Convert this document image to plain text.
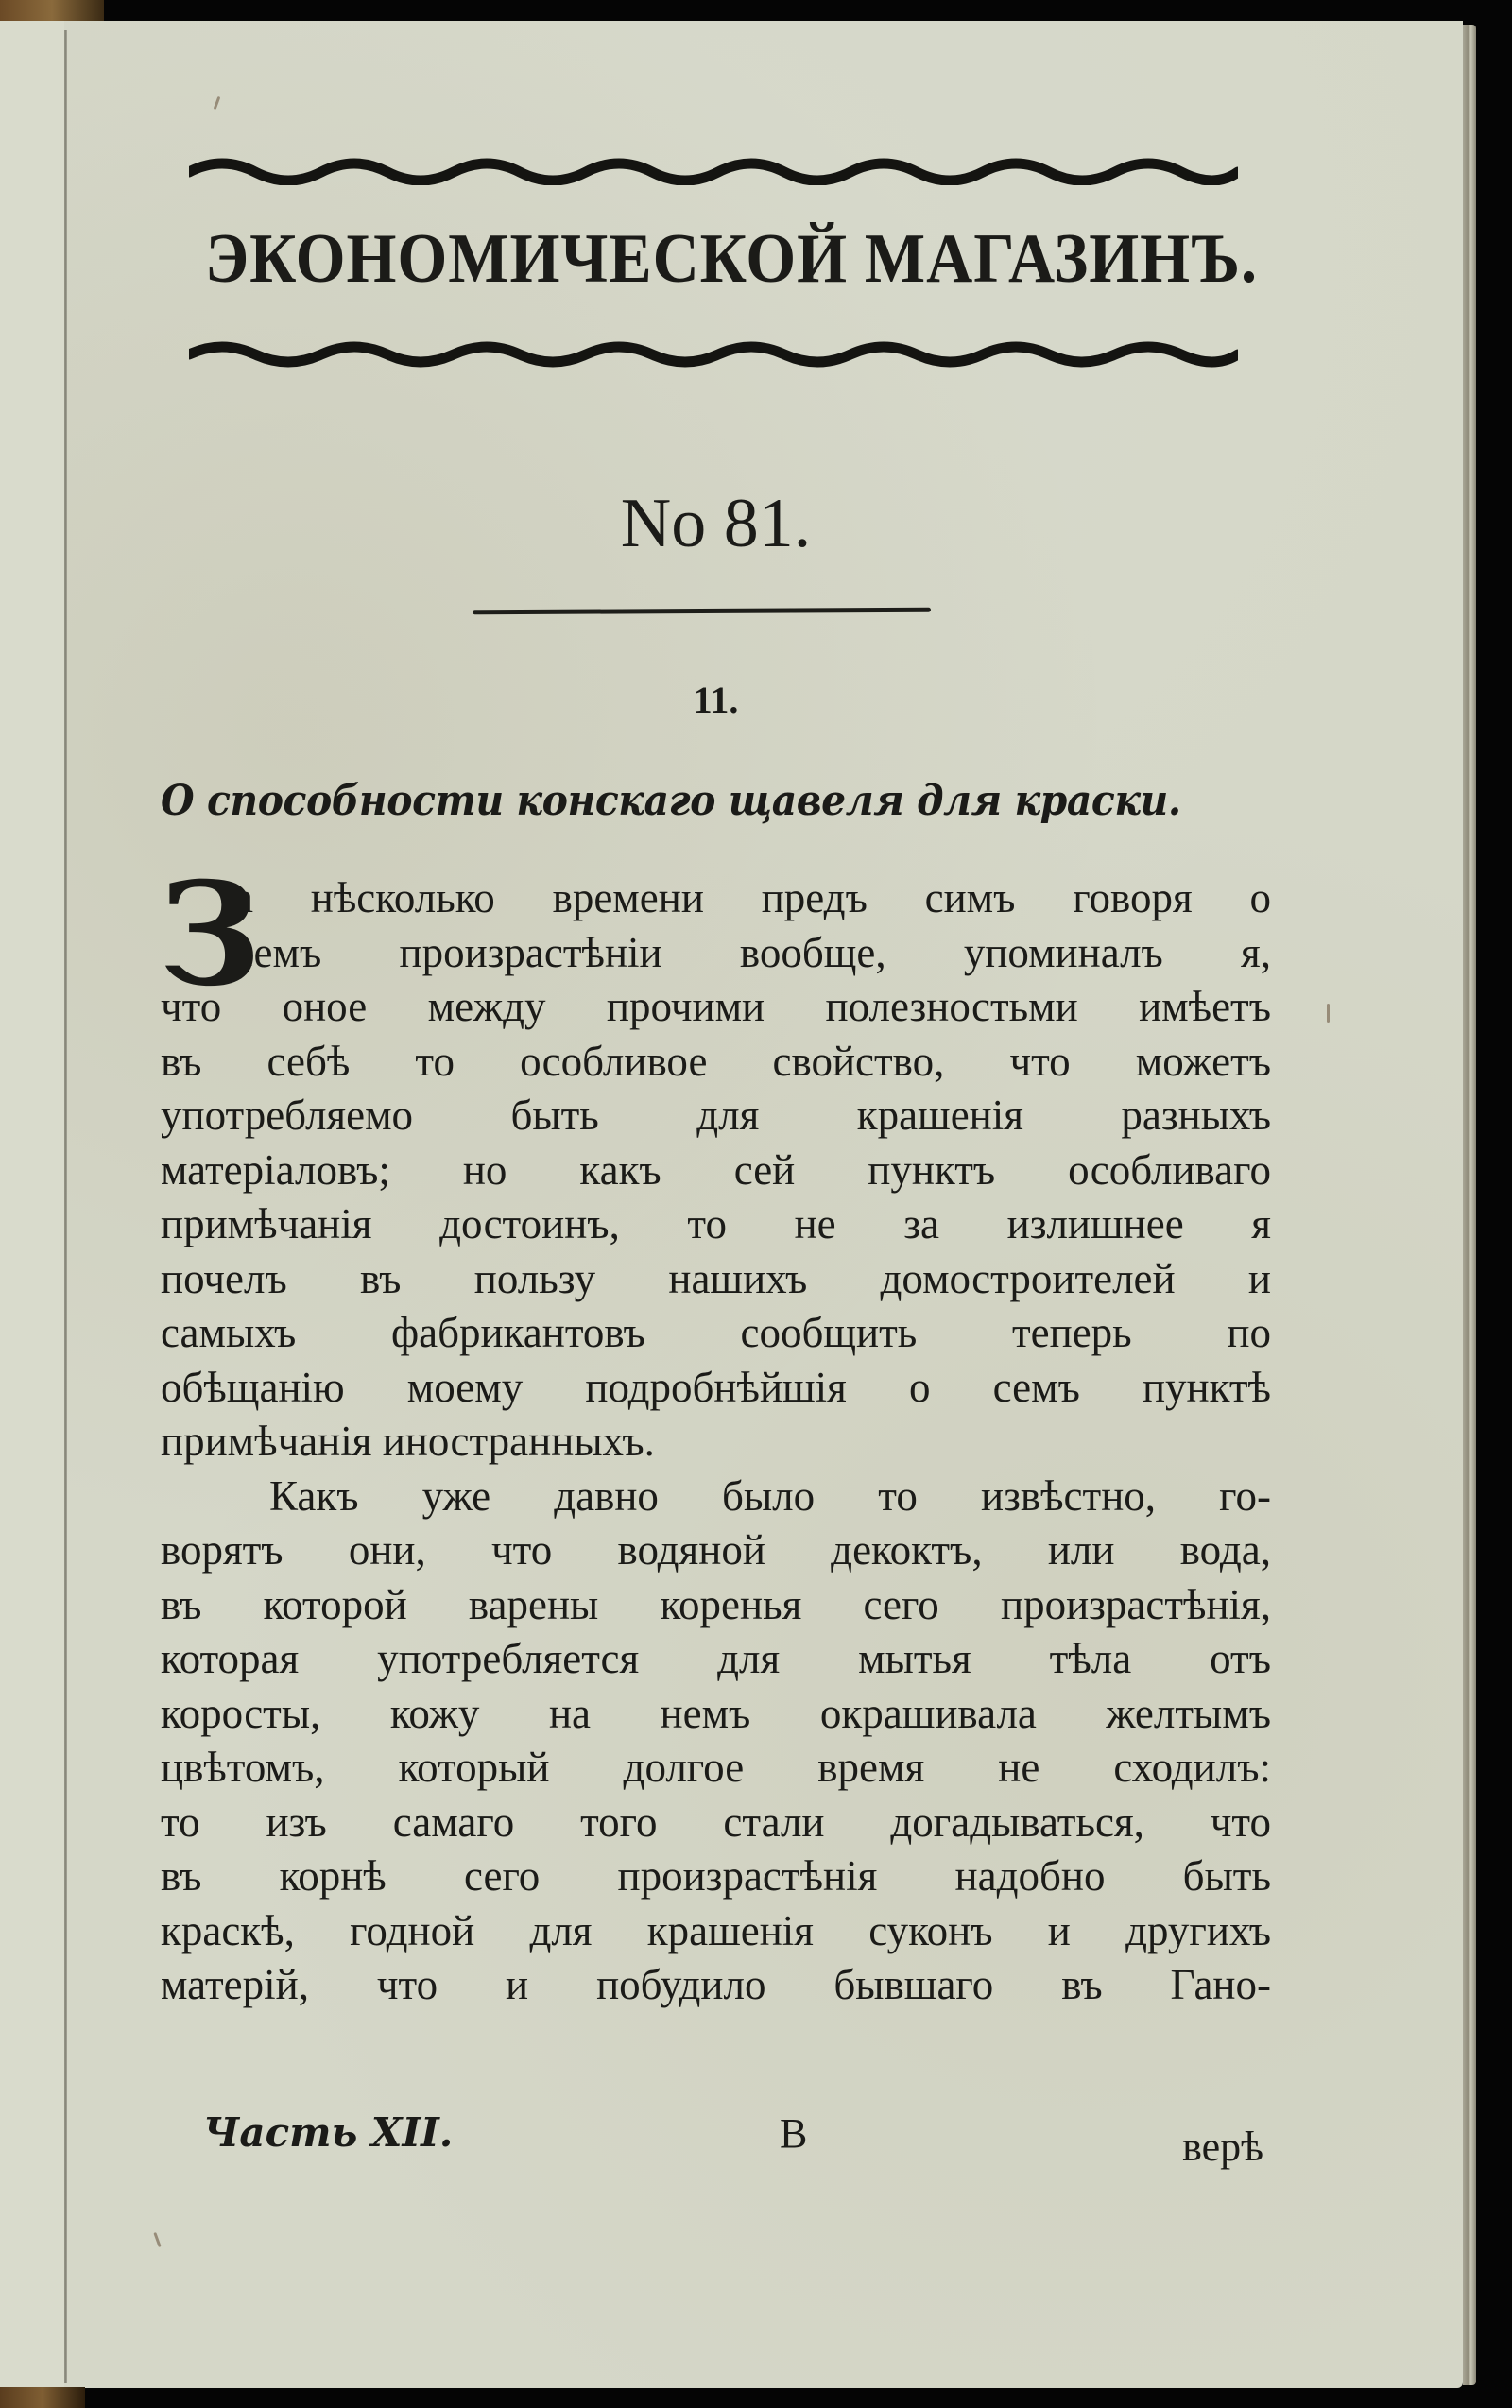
ЭКОНОМИЧЕСКОЙ МАГАЗИНЪ.
No 81.
11.
О способности конскаго щавеля для краски.
З
а нѣсколько времени предъ симъ говоря о
семъ произрастѣніи вообще, упоминалъ я,
что оное между прочими полезностьми имѣетъ
въ себѣ то особливое свойство, что можетъ
употребляемо быть для крашенія разныхъ
матеріаловъ; но какъ сей пунктъ особливаго
примѣчанія достоинъ, то не за излишнее я
почелъ въ пользу нашихъ домостроителей и
самыхъ фабрикантовъ сообщить теперь по
обѣщанію моему подробнѣйшія о семъ пунктѣ
примѣчанія иностранныхъ.
Какъ уже давно было то извѣстно, го-
ворятъ они, что водяной декоктъ, или вода,
въ которой варены коренья сего произрастѣнія,
которая употребляется для мытья тѣла отъ
коросты, кожу на немъ окрашивала желтымъ
цвѣтомъ, который долгое время не сходилъ:
то изъ самаго того стали догадываться, что
въ корнѣ сего произрастѣнія надобно быть
краскѣ, годной для крашенія суконъ и другихъ
матерій, что и побудило бывшаго въ Гано-
Часть XII.	В	верѣ
